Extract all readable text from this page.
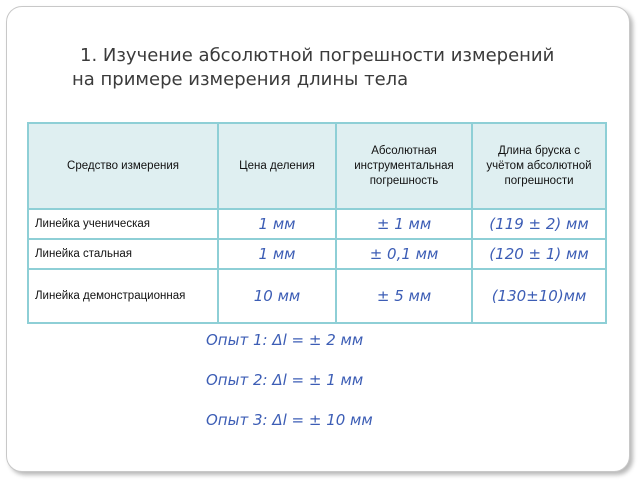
1. Изучение абсолютной погрешности измерений
на примере измерения длины тела
Средство измерения	Цена деления	Абсолютная инструментальная погрешность	Длина бруска с учётом абсолютной погрешности
Линейка ученическая	1 мм	± 1 мм	(119 ± 2) мм
Линейка стальная	1 мм	± 0,1 мм	(120 ± 1) мм
Линейка демонстрационная	10 мм	± 5 мм	(130±10)мм
Опыт 1: Δl = ± 2 мм
Опыт 2: Δl = ± 1 мм
Опыт 3: Δl = ± 10 мм
